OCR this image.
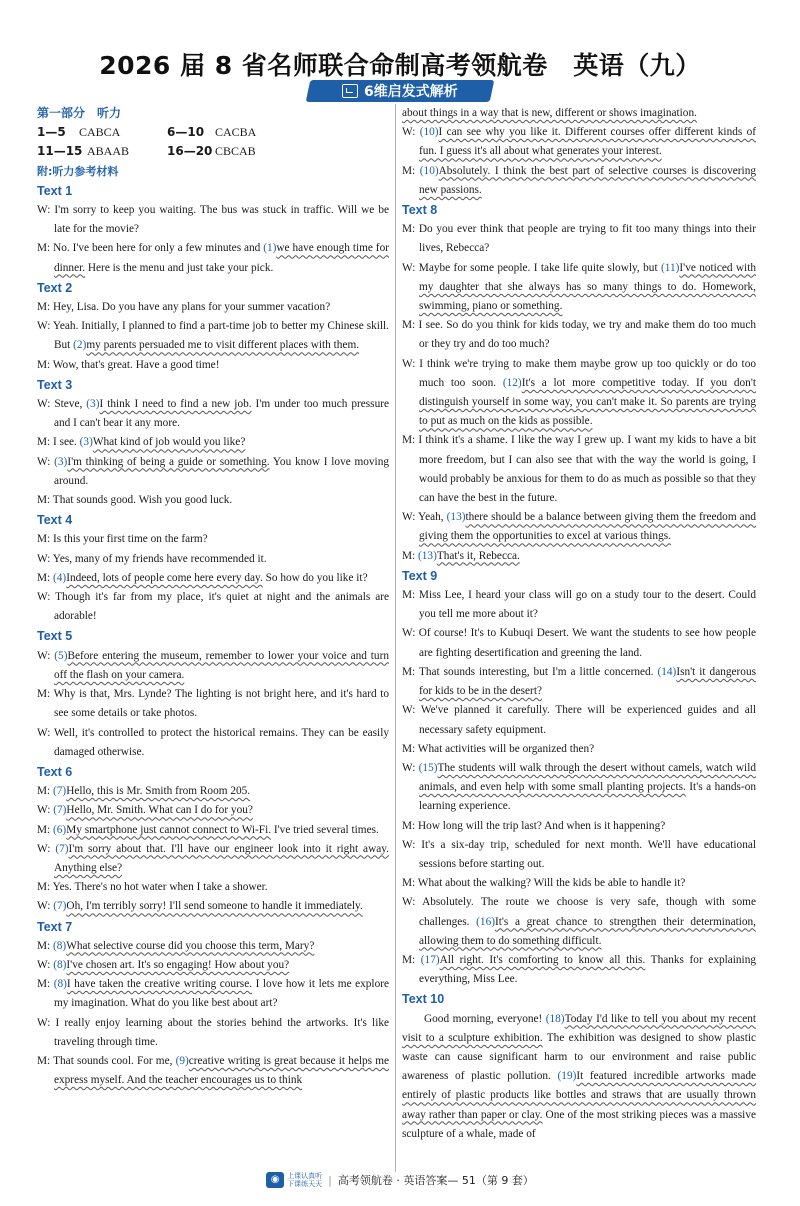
2026 届 8 省名师联合命制高考领航卷　英语（九）
6维启发式解析
第一部分　听力
1—5 CABCA	6—10 CACBA
11—15 ABAAB	16—20 CBCAB
附:听力参考材料
Text 1
W: I'm sorry to keep you waiting. The bus was stuck in traffic. Will we be late for the movie?
M: No. I've been here for only a few minutes and (1)we have enough time for dinner. Here is the menu and just take your pick.
Text 2
M: Hey, Lisa. Do you have any plans for your summer vacation?
W: Yeah. Initially, I planned to find a part-time job to better my Chinese skill. But (2)my parents persuaded me to visit different places with them.
M: Wow, that's great. Have a good time!
Text 3
W: Steve, (3)I think I need to find a new job. I'm under too much pressure and I can't bear it any more.
M: I see. (3)What kind of job would you like?
W: (3)I'm thinking of being a guide or something. You know I love moving around.
M: That sounds good. Wish you good luck.
Text 4
M: Is this your first time on the farm?
W: Yes, many of my friends have recommended it.
M: (4)Indeed, lots of people come here every day. So how do you like it?
W: Though it's far from my place, it's quiet at night and the animals are adorable!
Text 5
W: (5)Before entering the museum, remember to lower your voice and turn off the flash on your camera.
M: Why is that, Mrs. Lynde? The lighting is not bright here, and it's hard to see some details or take photos.
W: Well, it's controlled to protect the historical remains. They can be easily damaged otherwise.
Text 6
M: (7)Hello, this is Mr. Smith from Room 205.
W: (7)Hello, Mr. Smith. What can I do for you?
M: (6)My smartphone just cannot connect to Wi-Fi. I've tried several times.
W: (7)I'm sorry about that. I'll have our engineer look into it right away. Anything else?
M: Yes. There's no hot water when I take a shower.
W: (7)Oh, I'm terribly sorry! I'll send someone to handle it immediately.
Text 7
M: (8)What selective course did you choose this term, Mary?
W: (8)I've chosen art. It's so engaging! How about you?
M: (8)I have taken the creative writing course. I love how it lets me explore my imagination. What do you like best about art?
W: I really enjoy learning about the stories behind the artworks. It's like traveling through time.
M: That sounds cool. For me, (9)creative writing is great because it helps me express myself. And the teacher encourages us to think
about things in a way that is new, different or shows imagination.
W: (10)I can see why you like it. Different courses offer different kinds of fun. I guess it's all about what generates your interest.
M: (10)Absolutely. I think the best part of selective courses is discovering new passions.
Text 8
M: Do you ever think that people are trying to fit too many things into their lives, Rebecca?
W: Maybe for some people. I take life quite slowly, but (11)I've noticed with my daughter that she always has so many things to do. Homework, swimming, piano or something.
M: I see. So do you think for kids today, we try and make them do too much or they try and do too much?
W: I think we're trying to make them maybe grow up too quickly or do too much too soon. (12)It's a lot more competitive today. If you don't distinguish yourself in some way, you can't make it. So parents are trying to put as much on the kids as possible.
M: I think it's a shame. I like the way I grew up. I want my kids to have a bit more freedom, but I can also see that with the way the world is going, I would probably be anxious for them to do as much as possible so that they can have the best in the future.
W: Yeah, (13)there should be a balance between giving them the freedom and giving them the opportunities to excel at various things.
M: (13)That's it, Rebecca.
Text 9
M: Miss Lee, I heard your class will go on a study tour to the desert. Could you tell me more about it?
W: Of course! It's to Kubuqi Desert. We want the students to see how people are fighting desertification and greening the land.
M: That sounds interesting, but I'm a little concerned. (14)Isn't it dangerous for kids to be in the desert?
W: We've planned it carefully. There will be experienced guides and all necessary safety equipment.
M: What activities will be organized then?
W: (15)The students will walk through the desert without camels, watch wild animals, and even help with some small planting projects. It's a hands-on learning experience.
M: How long will the trip last? And when is it happening?
W: It's a six-day trip, scheduled for next month. We'll have educational sessions before starting out.
M: What about the walking? Will the kids be able to handle it?
W: Absolutely. The route we choose is very safe, though with some challenges. (16)It's a great chance to strengthen their determination, allowing them to do something difficult.
M: (17)All right. It's comforting to know all this. Thanks for explaining everything, Miss Lee.
Text 10
Good morning, everyone! (18)Today I'd like to tell you about my recent visit to a sculpture exhibition. The exhibition was designed to show plastic waste can cause significant harm to our environment and raise public awareness of plastic pollution. (19)It featured incredible artworks made entirely of plastic products like bottles and straws that are usually thrown away rather than paper or clay. One of the most striking pieces was a massive sculpture of a whale, made of
◉	上课认真听
下课练天天 | 高考领航卷 · 英语答案— 51（第 9 套）
